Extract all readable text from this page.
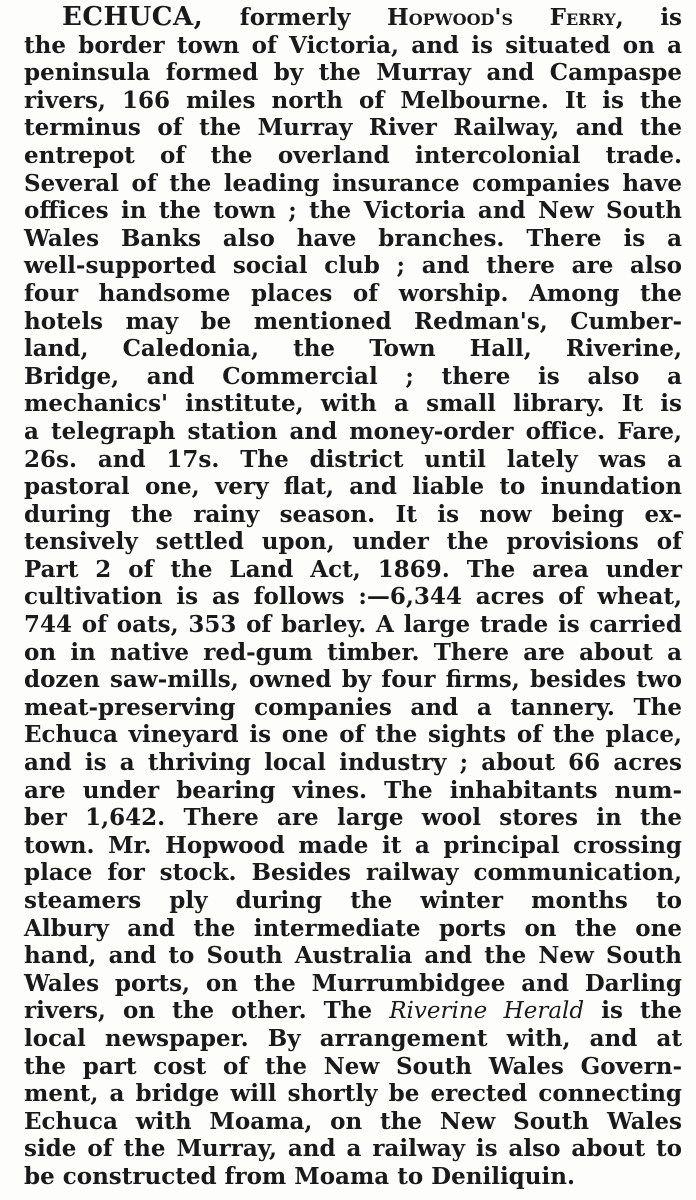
ECHUCA, formerly Hopwood's Ferry, is
the border town of Victoria, and is situated on a
peninsula formed by the Murray and Campaspe
rivers, 166 miles north of Melbourne. It is the
terminus of the Murray River Railway, and the
entrepot of the overland intercolonial trade.
Several of the leading insurance companies have
offices in the town ; the Victoria and New South
Wales Banks also have branches. There is a
well-supported social club ; and there are also
four handsome places of worship. Among the
hotels may be mentioned Redman's, Cumber-
land, Caledonia, the Town Hall, Riverine,
Bridge, and Commercial ; there is also a
mechanics' institute, with a small library. It is
a telegraph station and money-order office. Fare,
26s. and 17s. The district until lately was a
pastoral one, very flat, and liable to inundation
during the rainy season. It is now being ex-
tensively settled upon, under the provisions of
Part 2 of the Land Act, 1869. The area under
cultivation is as follows :—6,344 acres of wheat,
744 of oats, 353 of barley. A large trade is carried
on in native red-gum timber. There are about a
dozen saw-mills, owned by four firms, besides two
meat-preserving companies and a tannery. The
Echuca vineyard is one of the sights of the place,
and is a thriving local industry ; about 66 acres
are under bearing vines. The inhabitants num-
ber 1,642. There are large wool stores in the
town. Mr. Hopwood made it a principal crossing
place for stock. Besides railway communication,
steamers ply during the winter months to
Albury and the intermediate ports on the one
hand, and to South Australia and the New South
Wales ports, on the Murrumbidgee and Darling
rivers, on the other. The Riverine Herald is the
local newspaper. By arrangement with, and at
the part cost of the New South Wales Govern-
ment, a bridge will shortly be erected connecting
Echuca with Moama, on the New South Wales
side of the Murray, and a railway is also about to
be constructed from Moama to Deniliquin.
